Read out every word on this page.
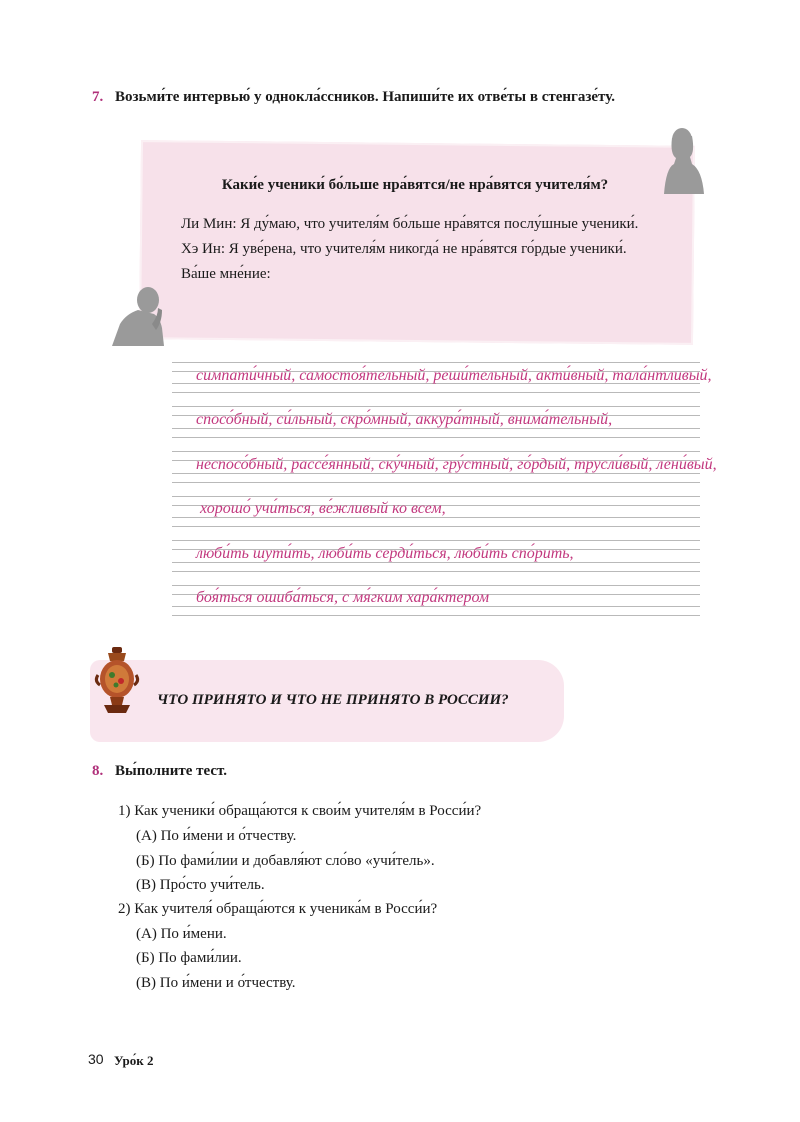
7. Возьми́те интервью́ у однокла́ссников. Напиши́те их отве́ты в стенгазе́ту.
Каки́е ученики́ бо́льше нра́вятся/не нра́вятся учителя́м?
Ли Мин: Я ду́маю, что учителя́м бо́льше нра́вятся послу́шные ученики́.
Хэ Ин: Я уве́рена, что учителя́м никогда́ не нра́вятся го́рдые ученики́.
Ва́ше мне́ние:
симпати́чный, самостоя́тельный, реши́тельный, акти́вный, тала́нтливый,
спосо́бный, си́льный, скро́мный, аккура́тный, внима́тельный,
неспосо́бный, рассе́янный, ску́чный, гру́стный, го́рдый, трусли́вый, лени́вый,
хорошо́ учи́ться, ве́жливый ко всем,
люби́ть шути́ть, люби́ть серди́ться, люби́ть спо́рить,
боя́ться ошиба́ться, с мя́гким хара́ктером
ЧТО ПРИНЯТО И ЧТО НЕ ПРИНЯТО В РОССИИ?
8. Вы́полните тест.
1) Как ученики́ обраща́ются к свои́м учителя́м в Росси́и?
(А) По и́мени и о́тчеству.
(Б) По фами́лии и добавля́ют сло́во «учи́тель».
(В) Про́сто учи́тель.
2) Как учителя́ обраща́ются к ученика́м в Росси́и?
(А) По и́мени.
(Б) По фами́лии.
(В) По и́мени и о́тчеству.
30 Уро́к 2
